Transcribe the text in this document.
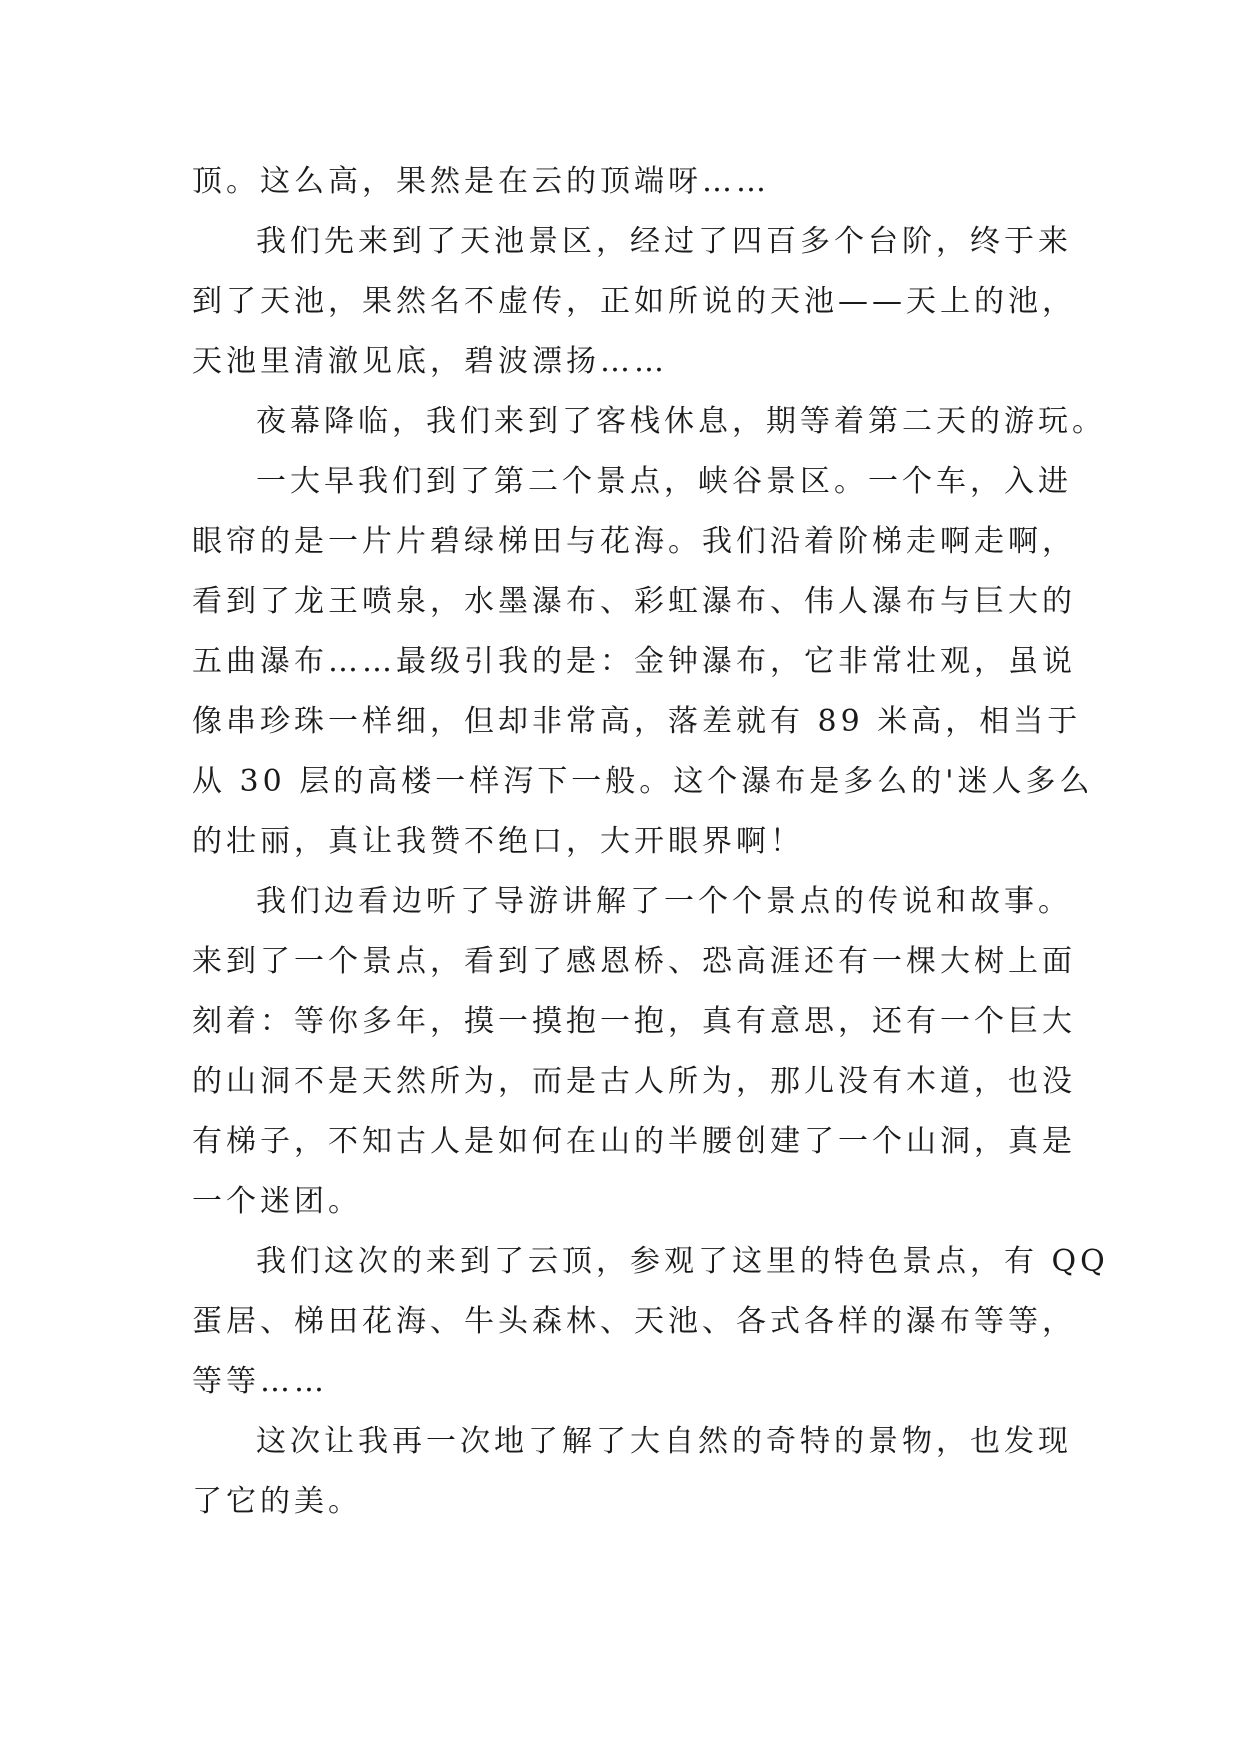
顶。这么高，果然是在云的顶端呀……
我们先来到了天池景区，经过了四百多个台阶，终于来
到了天池，果然名不虚传，正如所说的天池——天上的池，
天池里清澈见底，碧波漂扬……
夜幕降临，我们来到了客栈休息，期等着第二天的游玩。
一大早我们到了第二个景点，峡谷景区。一个车，入进
眼帘的是一片片碧绿梯田与花海。我们沿着阶梯走啊走啊，
看到了龙王喷泉，水墨瀑布、彩虹瀑布、伟人瀑布与巨大的
五曲瀑布……最级引我的是：金钟瀑布，它非常壮观，虽说
像串珍珠一样细，但却非常高，落差就有 89 米高，相当于
从 30 层的高楼一样泻下一般。这个瀑布是多么的'迷人多么
的壮丽，真让我赞不绝口，大开眼界啊！
我们边看边听了导游讲解了一个个景点的传说和故事。
来到了一个景点，看到了感恩桥、恐高涯还有一棵大树上面
刻着：等你多年，摸一摸抱一抱，真有意思，还有一个巨大
的山洞不是天然所为，而是古人所为，那儿没有木道，也没
有梯子，不知古人是如何在山的半腰创建了一个山洞，真是
一个迷团。
我们这次的来到了云顶，参观了这里的特色景点，有 QQ
蛋居、梯田花海、牛头森林、天池、各式各样的瀑布等等，
等等……
这次让我再一次地了解了大自然的奇特的景物，也发现
了它的美。
